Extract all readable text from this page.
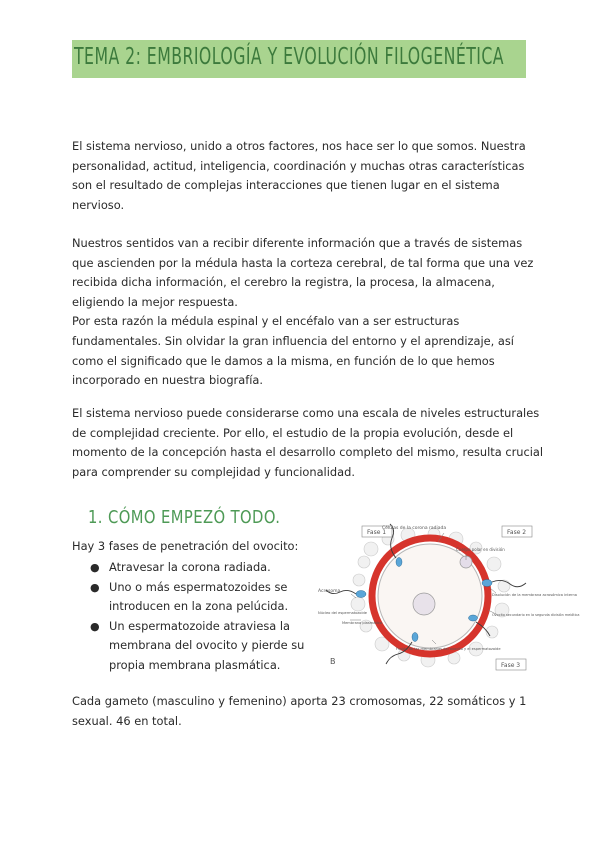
TEMA 2: EMBRIOLOGÍA Y EVOLUCIÓN FILOGENÉTICA

El sistema nervioso, unido a otros factores, nos hace ser lo que somos. Nuestra
personalidad, actitud, inteligencia, coordinación y muchas otras características
son el resultado de complejas interacciones que tienen lugar en el sistema
nervioso.

Nuestros sentidos van a recibir diferente información que a través de sistemas
que ascienden por la médula hasta la corteza cerebral, de tal forma que una vez
recibida dicha información, el cerebro la registra, la procesa, la almacena,
eligiendo la mejor respuesta.
Por esta razón la médula espinal y el encéfalo van a ser estructuras
fundamentales. Sin olvidar la gran influencia del entorno y el aprendizaje, así
como el significado que le damos a la misma, en función de lo que hemos
incorporado en nuestra biografía.

El sistema nervioso puede considerarse como una escala de niveles estructurales
de complejidad creciente. Por ello, el estudio de la propia evolución, desde el
momento de la concepción hasta el desarrollo completo del mismo, resulta crucial
para comprender su complejidad y funcionalidad.

1. CÓMO EMPEZÓ TODO.
Hay 3 fases de penetración del ovocito:
● Atravesar la corona radiada.
● Uno o más espermatozoides se
introducen en la zona pelúcida.
● Un espermatozoide atraviesa la
membrana del ovocito y pierde su
propia membrana plasmática.
Fase 1	Fase 2
Fase 3
Células de la corona radiada
Cuerpo polar en división
Disolución de la membrana acrosómica interna
Ovocito secundario en la segunda división meiótica
Acrosoma
Núcleo del espermatozoide
Membrana plasmática
Fusión de las membranas del ovocito y el espermatozoide
B

Cada gameto (masculino y femenino) aporta 23 cromosomas, 22 somáticos y 1
sexual. 46 en total.
